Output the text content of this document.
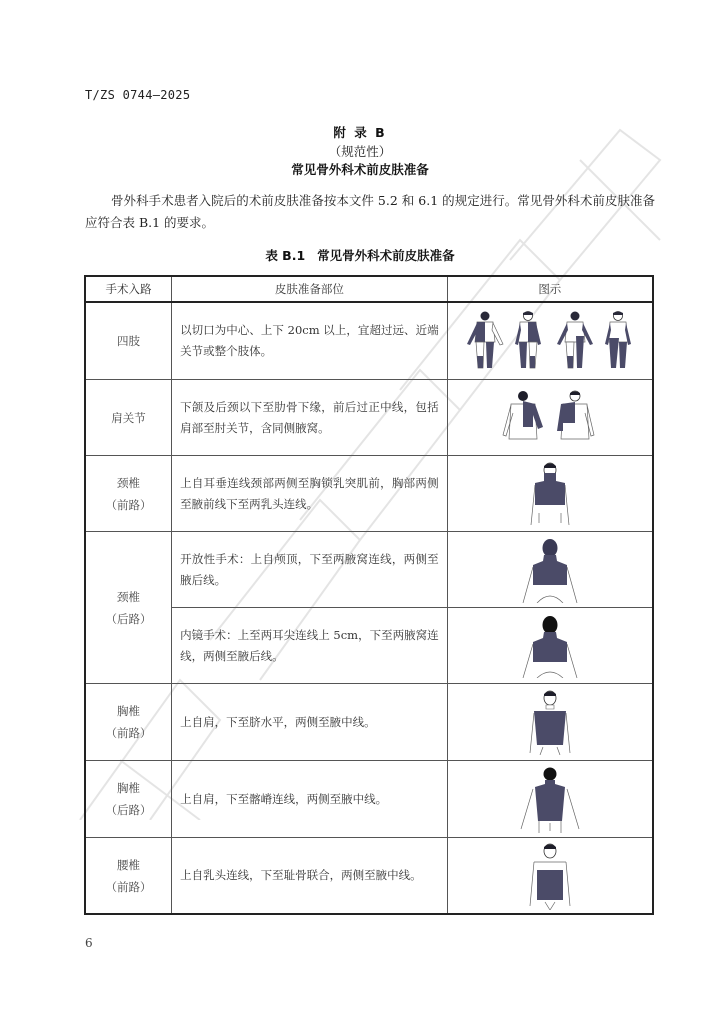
T/ZS 0744—2025
附 录 B
（规范性）
常见骨外科术前皮肤准备

骨外科手术患者入院后的术前皮肤准备按本文件 5.2 和 6.1 的规定进行。常见骨外科术前皮肤准备应符合表 B.1 的要求。

表 B.1 常见骨外科术前皮肤准备
手术入路	皮肤准备部位	图示

四肢	以切口为中心、上下 20cm 以上，宜超过远、近端关节或整个肢体。	

肩关节	下颌及后颈以下至肋骨下缘，前后过正中线，包括肩部至肘关节，含同侧腋窝。	

颈椎
（前路）	上自耳垂连线颈部两侧至胸锁乳突肌前，胸部两侧至腋前线下至两乳头连线。	

颈椎
（后路）	开放性手术：上自颅顶，下至两腋窝连线，两侧至腋后线。	
	内镜手术：上至两耳尖连线上 5cm，下至两腋窝连线，两侧至腋后线。	

胸椎
（前路）	上自肩，下至脐水平，两侧至腋中线。	

胸椎
（后路）	上自肩，下至髂嵴连线，两侧至腋中线。	

腰椎
（前路）	上自乳头连线，下至耻骨联合，两侧至腋中线。	
6
